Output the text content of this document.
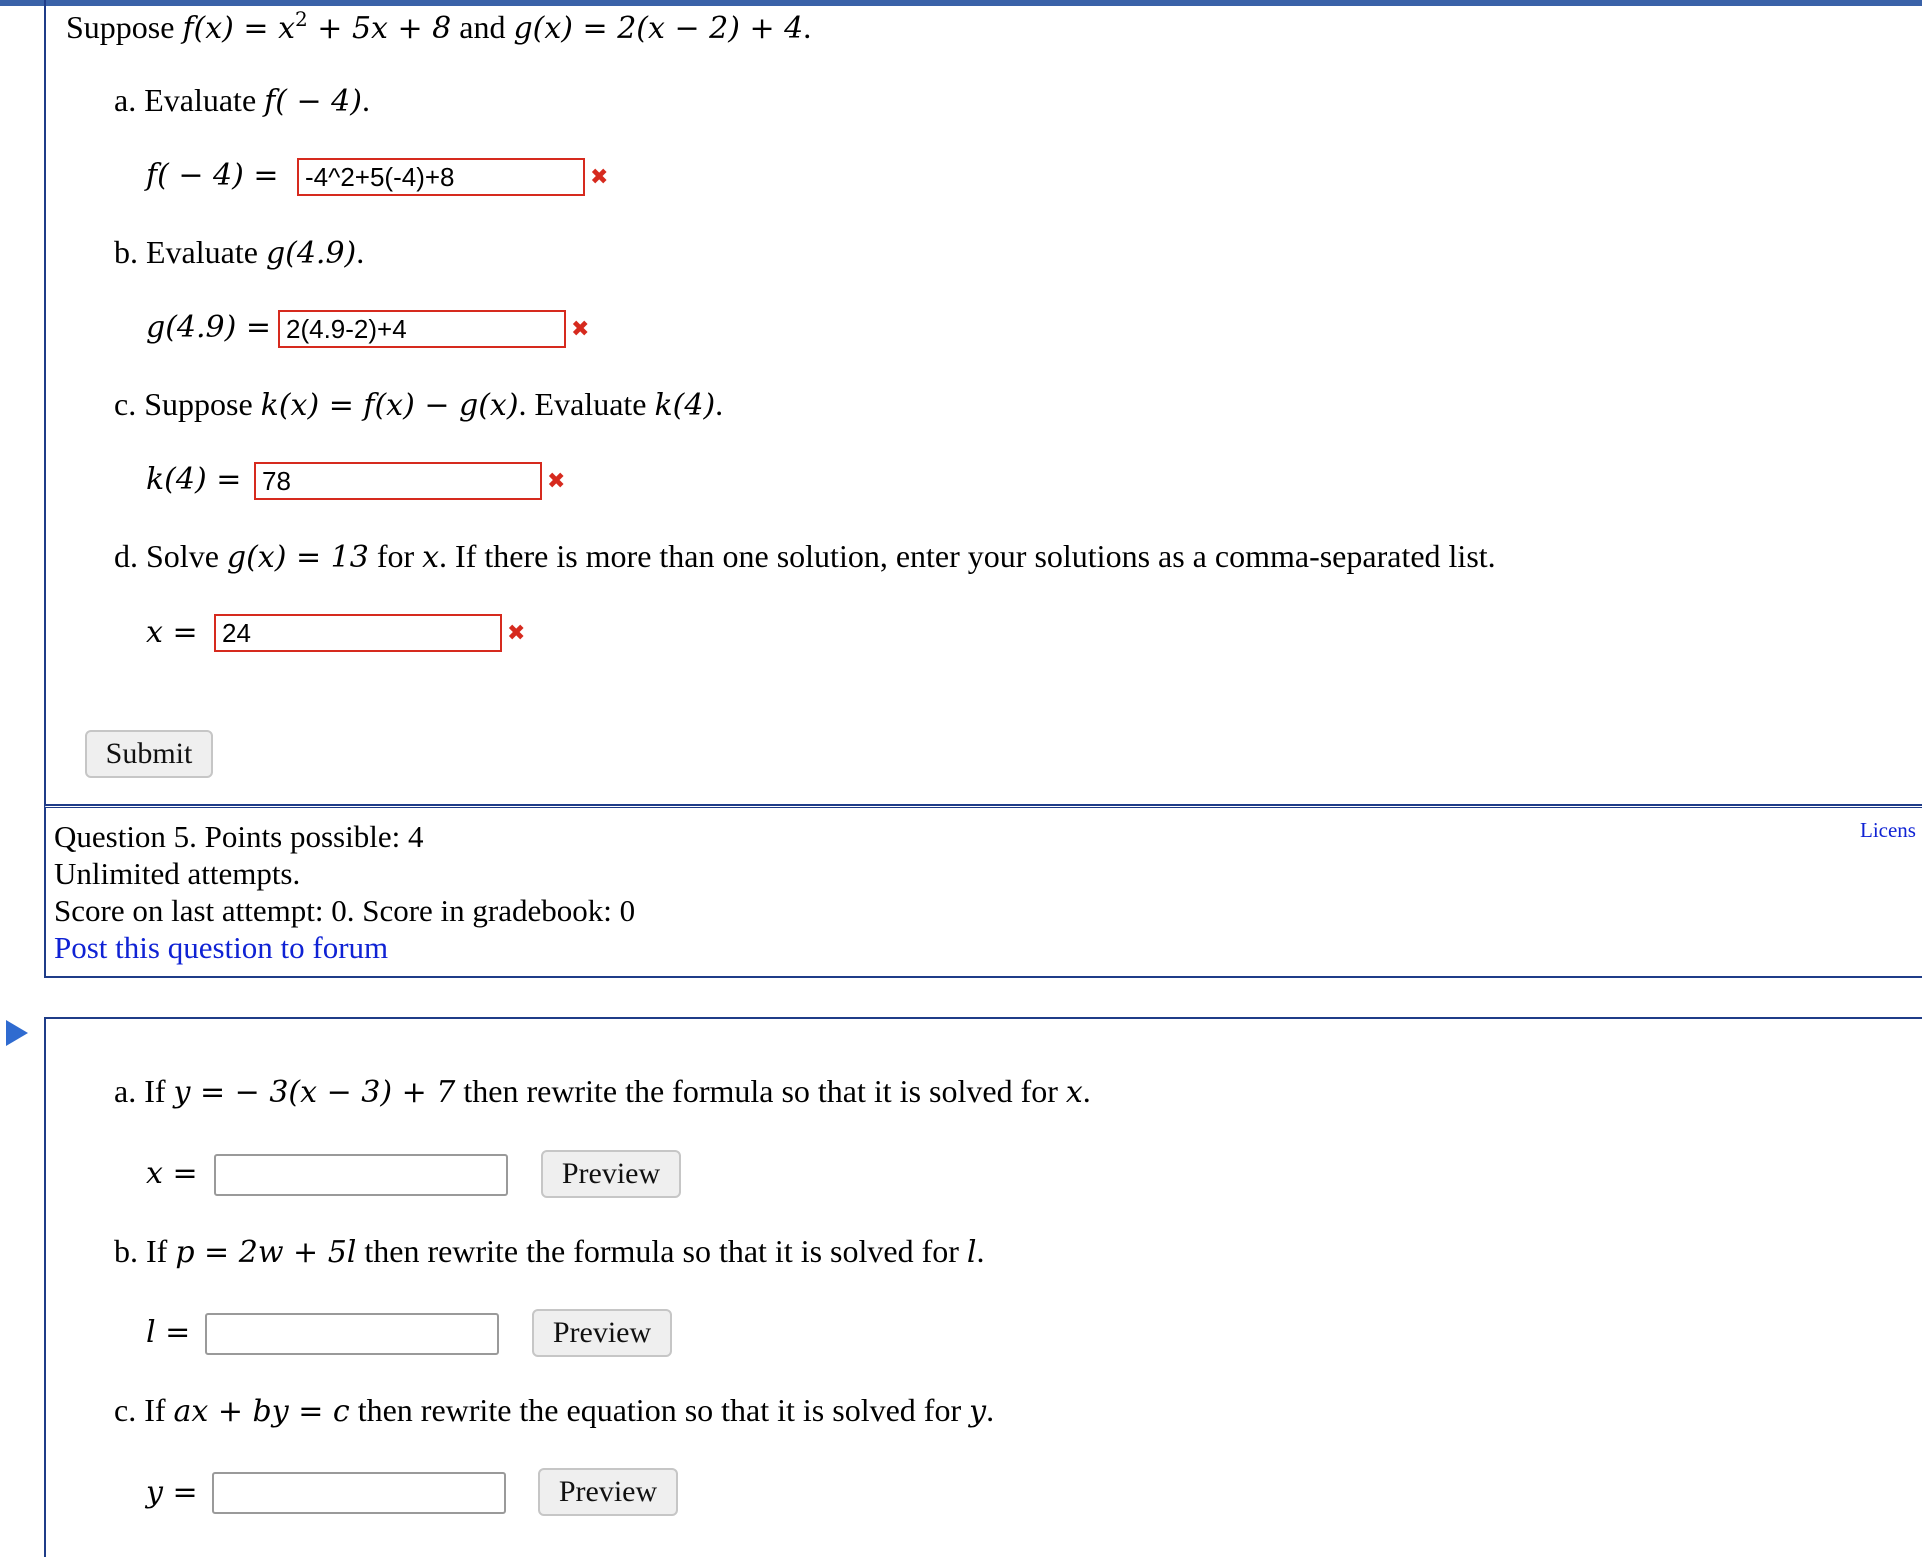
Suppose $f(x) = x^2 + 5x + 8$ and g(x) = 2(x − 2) + 4.
a. Evaluate f( − 4).
f( − 4) =	-4^2+5(-4)+8	✖
b. Evaluate g(4.9).
g(4.9) = 2(4.9-2)+4	✖
c. Suppose k(x) = f(x) − g(x). Evaluate k(4).
k(4) = 78	✖
d. Solve g(x) = 13 for x. If there is more than one solution, enter your solutions as a comma-separated list.
x = 24	✖
Submit
Question 5. Points possible: 4
Unlimited attempts.
Score on last attempt: 0. Score in gradebook: 0
Post this question to forum
Licens
a. If y = − 3(x − 3) + 7 then rewrite the formula so that it is solved for x.
x =	Preview
b. If p = 2w + 5l then rewrite the formula so that it is solved for l.
l =	Preview
c. If ax + by = c then rewrite the equation so that it is solved for y.
y =	Preview
